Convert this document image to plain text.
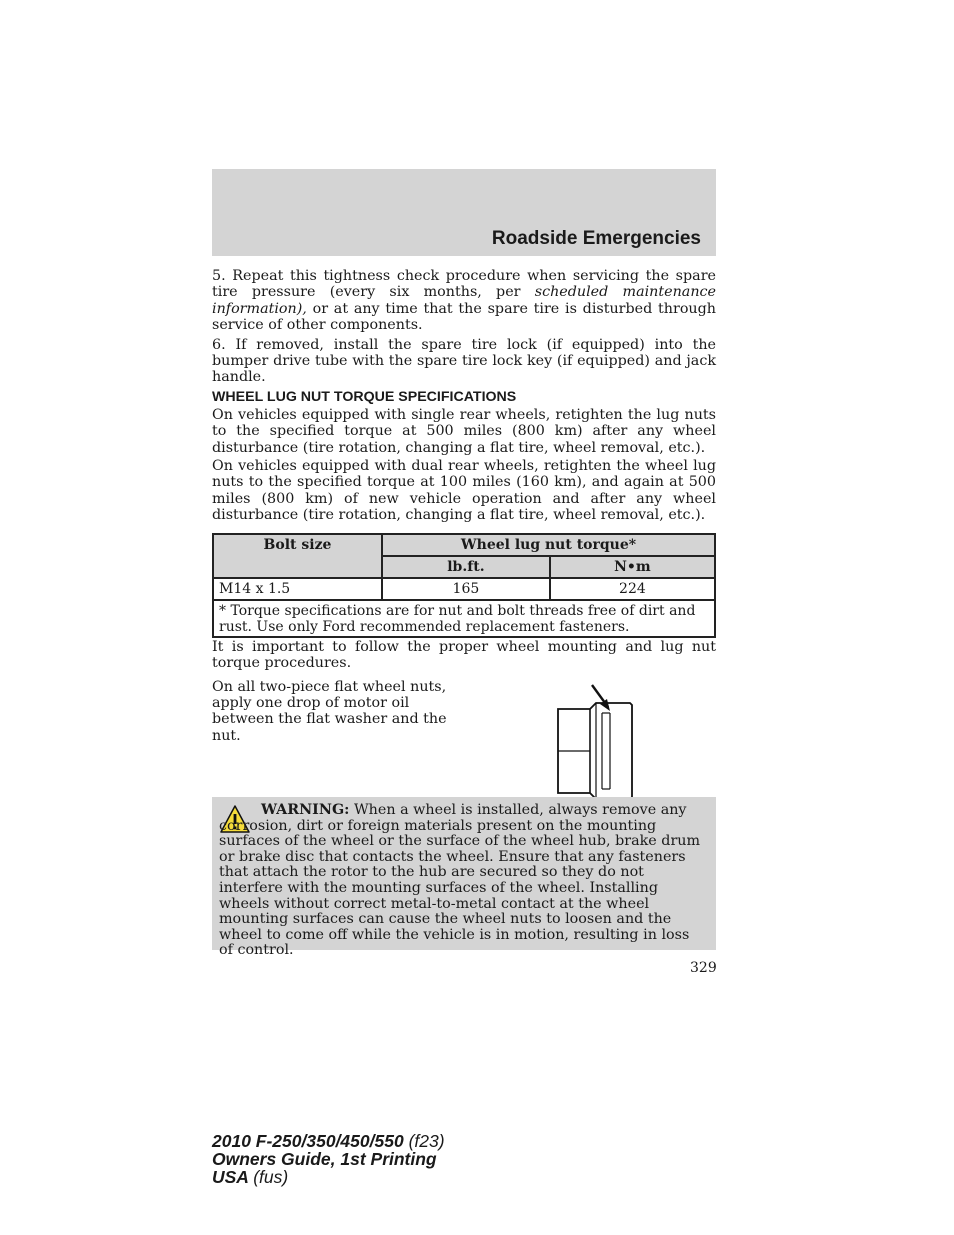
Roadside Emergencies

5. Repeat this tightness check procedure when servicing the spare tire pressure (every six months, per scheduled maintenance information), or at any time that the spare tire is disturbed through service of other components.

6. If removed, install the spare tire lock (if equipped) into the bumper drive tube with the spare tire lock key (if equipped) and jack handle.

WHEEL LUG NUT TORQUE SPECIFICATIONS

On vehicles equipped with single rear wheels, retighten the lug nuts to the specified torque at 500 miles (800 km) after any wheel disturbance (tire rotation, changing a flat tire, wheel removal, etc.).

On vehicles equipped with dual rear wheels, retighten the wheel lug nuts to the specified torque at 100 miles (160 km), and again at 500 miles (800 km) of new vehicle operation and after any wheel disturbance (tire rotation, changing a flat tire, wheel removal, etc.).

Bolt size	Wheel lug nut torque*	
	lb.ft.	N•m
M14 x 1.5	165	224
* Torque specifications are for nut and bolt threads free of dirt and rust. Use only Ford recommended replacement fasteners.		

It is important to follow the proper wheel mounting and lug nut torque procedures.

On all two-piece flat wheel nuts, apply one drop of motor oil between the flat washer and the nut.

WARNING: When a wheel is installed, always remove any corrosion, dirt or foreign materials present on the mounting surfaces of the wheel or the surface of the wheel hub, brake drum or brake disc that contacts the wheel. Ensure that any fasteners that attach the rotor to the hub are secured so they do not interfere with the mounting surfaces of the wheel. Installing wheels without correct metal-to-metal contact at the wheel mounting surfaces can cause the wheel nuts to loosen and the wheel to come off while the vehicle is in motion, resulting in loss of control.
329
2010 F-250/350/450/550 (f23)
Owners Guide, 1st Printing
USA (fus)
